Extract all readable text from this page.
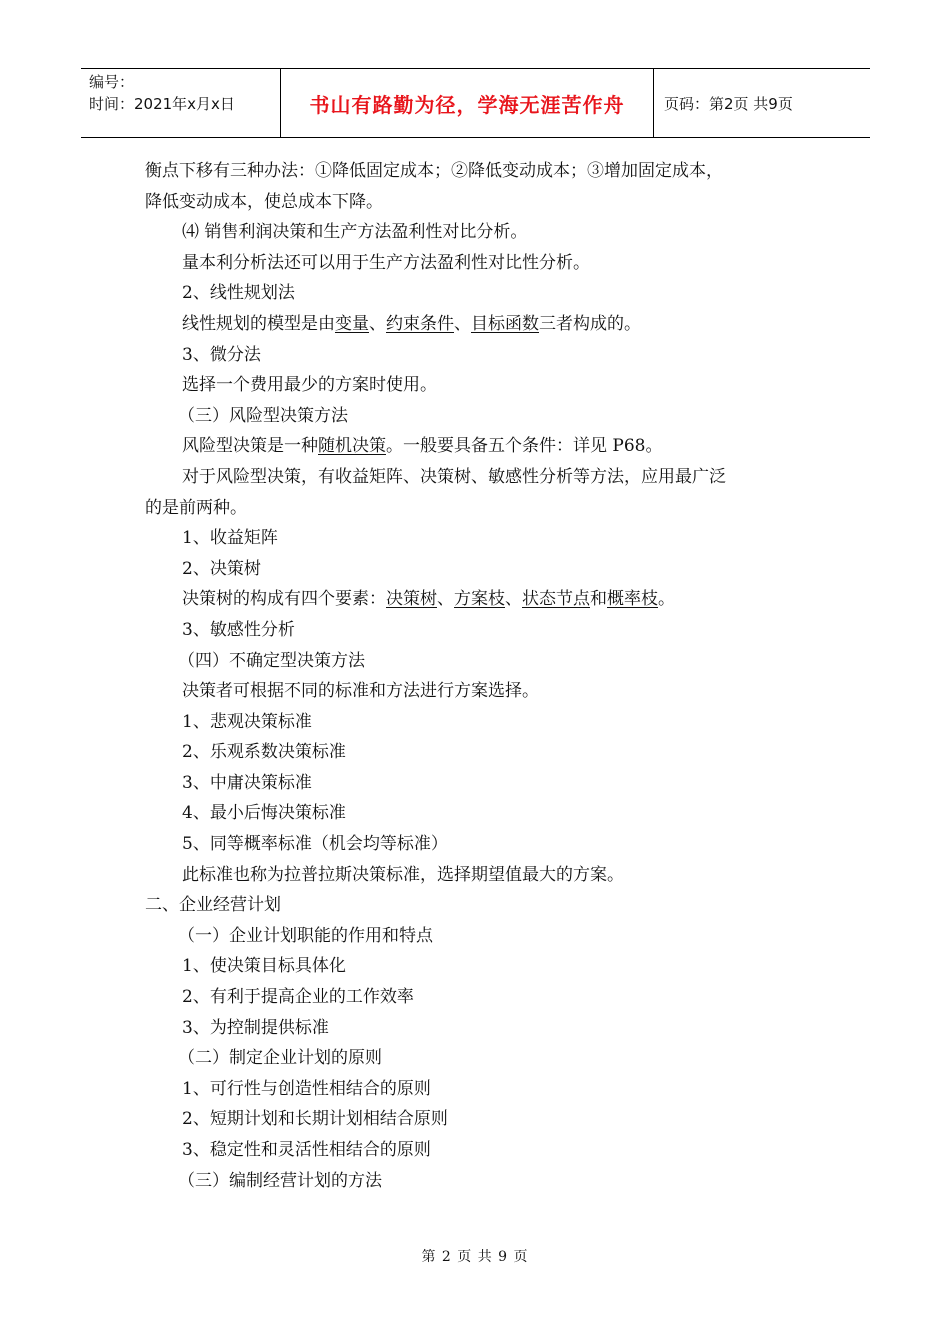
编号：
时间：2021年x月x日	书山有路勤为径，学海无涯苦作舟	页码：第2页 共9页
衡点下移有三种办法：①降低固定成本；②降低变动成本；③增加固定成本，
降低变动成本，使总成本下降。
⑷ 销售利润决策和生产方法盈利性对比分析。
量本利分析法还可以用于生产方法盈利性对比性分析。
2、线性规划法
线性规划的模型是由变量、约束条件、目标函数三者构成的。
3、微分法
选择一个费用最少的方案时使用。
（三）风险型决策方法
风险型决策是一种随机决策。一般要具备五个条件：详见 P68。
对于风险型决策，有收益矩阵、决策树、敏感性分析等方法，应用最广泛
的是前两种。
1、收益矩阵
2、决策树
决策树的构成有四个要素：决策树、方案枝、状态节点和概率枝。
3、敏感性分析
（四）不确定型决策方法
决策者可根据不同的标准和方法进行方案选择。
1、悲观决策标准
2、乐观系数决策标准
3、中庸决策标准
4、最小后悔决策标准
5、同等概率标准（机会均等标准）
此标准也称为拉普拉斯决策标准，选择期望值最大的方案。
二、企业经营计划
（一）企业计划职能的作用和特点
1、使决策目标具体化
2、有利于提高企业的工作效率
3、为控制提供标准
（二）制定企业计划的原则
1、可行性与创造性相结合的原则
2、短期计划和长期计划相结合原则
3、稳定性和灵活性相结合的原则
（三）编制经营计划的方法
第 2 页 共 9 页
